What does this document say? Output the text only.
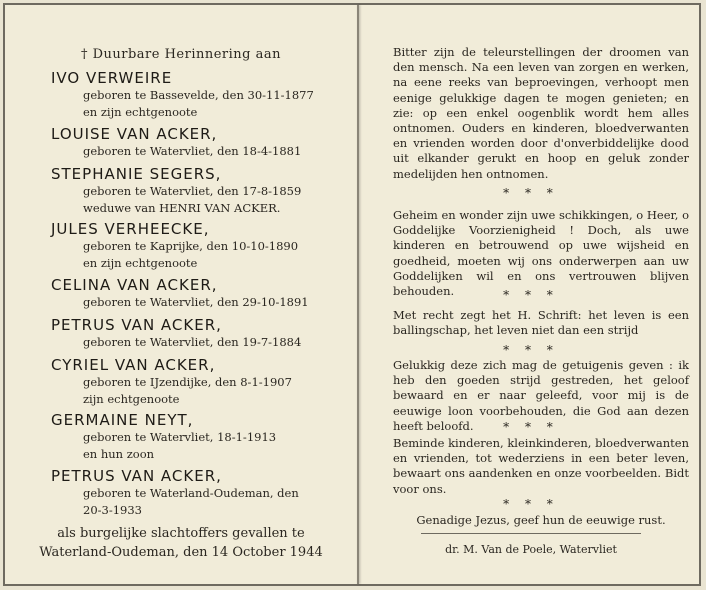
† Duurbare Herinnering aan
IVO VERWEIRE
geboren te Bassevelde, den 30-11-1877
en zijn echtgenoote
LOUISE VAN ACKER,
geboren te Watervliet, den 18-4-1881
STEPHANIE SEGERS,
geboren te Watervliet, den 17-8-1859
weduwe van HENRI VAN ACKER.
JULES VERHEECKE,
geboren te Kaprijke, den 10-10-1890
en zijn echtgenoote
CELINA VAN ACKER,
geboren te Watervliet, den 29-10-1891
PETRUS VAN ACKER,
geboren te Watervliet, den 19-7-1884
CYRIEL VAN ACKER,
geboren te IJzendijke, den 8-1-1907
zijn echtgenoote
GERMAINE NEYT,
geboren te Watervliet, 18-1-1913
en hun zoon
PETRUS VAN ACKER,
geboren te Waterland-Oudeman, den
20-3-1933
als burgelijke slachtoffers gevallen te
Waterland-Oudeman, den 14 October 1944
Bitter zijn de teleurstellingen der droomen van den mensch. Na een leven van zorgen en werken, na eene reeks van beproevingen, verhoopt men eenige gelukkige dagen te mogen genieten; en zie: op een enkel oogenblik wordt hem alles ontnomen. Ouders en kinderen, bloedverwanten en vrienden worden door d'onverbiddelijke dood uit elkander gerukt en hoop en geluk zonder medelijden hen ontnomen.
* * *
Geheim en wonder zijn uwe schikkingen, o Heer, o Goddelijke Voorzienigheid ! Doch, als uwe kinderen en betrouwend op uwe wijsheid en goedheid, moeten wij ons onderwerpen aan uw Goddelijken wil en ons vertrouwen blijven behouden.	* * *
Met recht zegt het H. Schrift: het leven is een ballingschap, het leven niet dan een strijd
* * *
Gelukkig deze zich mag de getuigenis geven : ik heb den goeden strijd gestreden, het geloof bewaard en er naar geleefd, voor mij is de eeuwige loon voorbehouden, die God aan dezen heeft beloofd.	* * *
Beminde kinderen, kleinkinderen, bloedverwanten en vrienden, tot wederziens in een beter leven, bewaart ons aandenken en onze voorbeelden. Bidt voor ons.
* * *
Genadige Jezus, geef hun de eeuwige rust.
dr. M. Van de Poele, Watervliet
